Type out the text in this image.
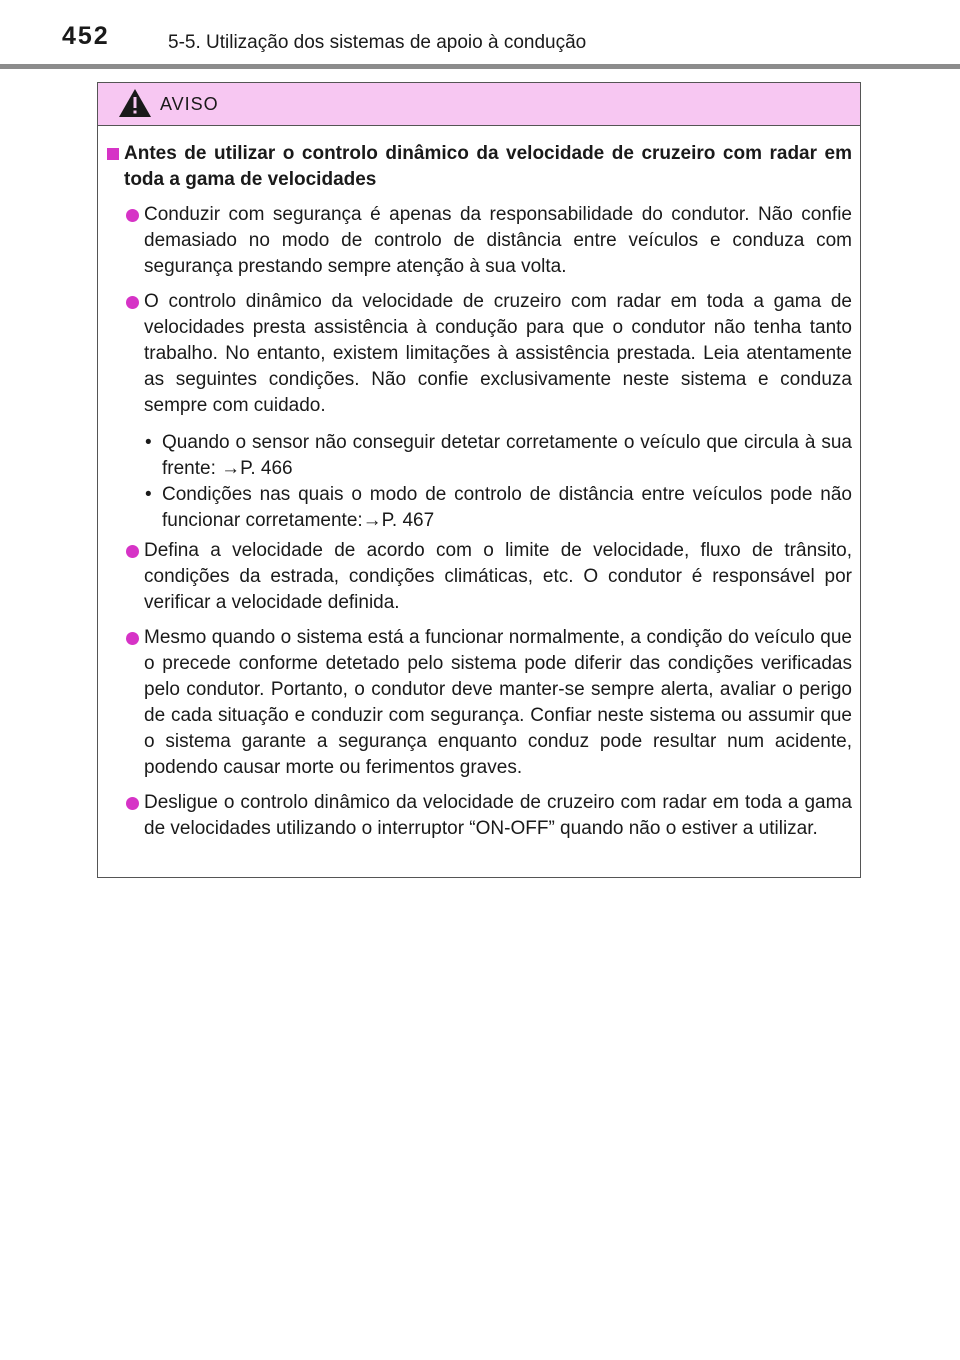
452	5-5. Utilização dos sistemas de apoio à condução
AVISO
Antes de utilizar o controlo dinâmico da velocidade de cruzeiro com radar em toda a gama de velocidades
Conduzir com segurança é apenas da responsabilidade do condutor. Não confie demasiado no modo de controlo de distância entre veículos e conduza com segurança prestando sempre atenção à sua volta.
O controlo dinâmico da velocidade de cruzeiro com radar em toda a gama de velocidades presta assistência à condução para que o condutor não tenha tanto trabalho. No entanto, existem limitações à assistência prestada. Leia atentamente as seguintes condições. Não confie exclusivamente neste sistema e conduza sempre com cuidado.
• Quando o sensor não conseguir detetar corretamente o veículo que circula à sua frente: →P. 466
• Condições nas quais o modo de controlo de distância entre veículos pode não funcionar corretamente:→P. 467
Defina a velocidade de acordo com o limite de velocidade, fluxo de trânsito, condições da estrada, condições climáticas, etc. O condutor é responsável por verificar a velocidade definida.
Mesmo quando o sistema está a funcionar normalmente, a condição do veículo que o precede conforme detetado pelo sistema pode diferir das condições verificadas pelo condutor. Portanto, o condutor deve manter-se sempre alerta, avaliar o perigo de cada situação e conduzir com segurança. Confiar neste sistema ou assumir que o sistema garante a segurança enquanto conduz pode resultar num acidente, podendo causar morte ou ferimentos graves.
Desligue o controlo dinâmico da velocidade de cruzeiro com radar em toda a gama de velocidades utilizando o interruptor “ON-OFF” quando não o estiver a utilizar.
